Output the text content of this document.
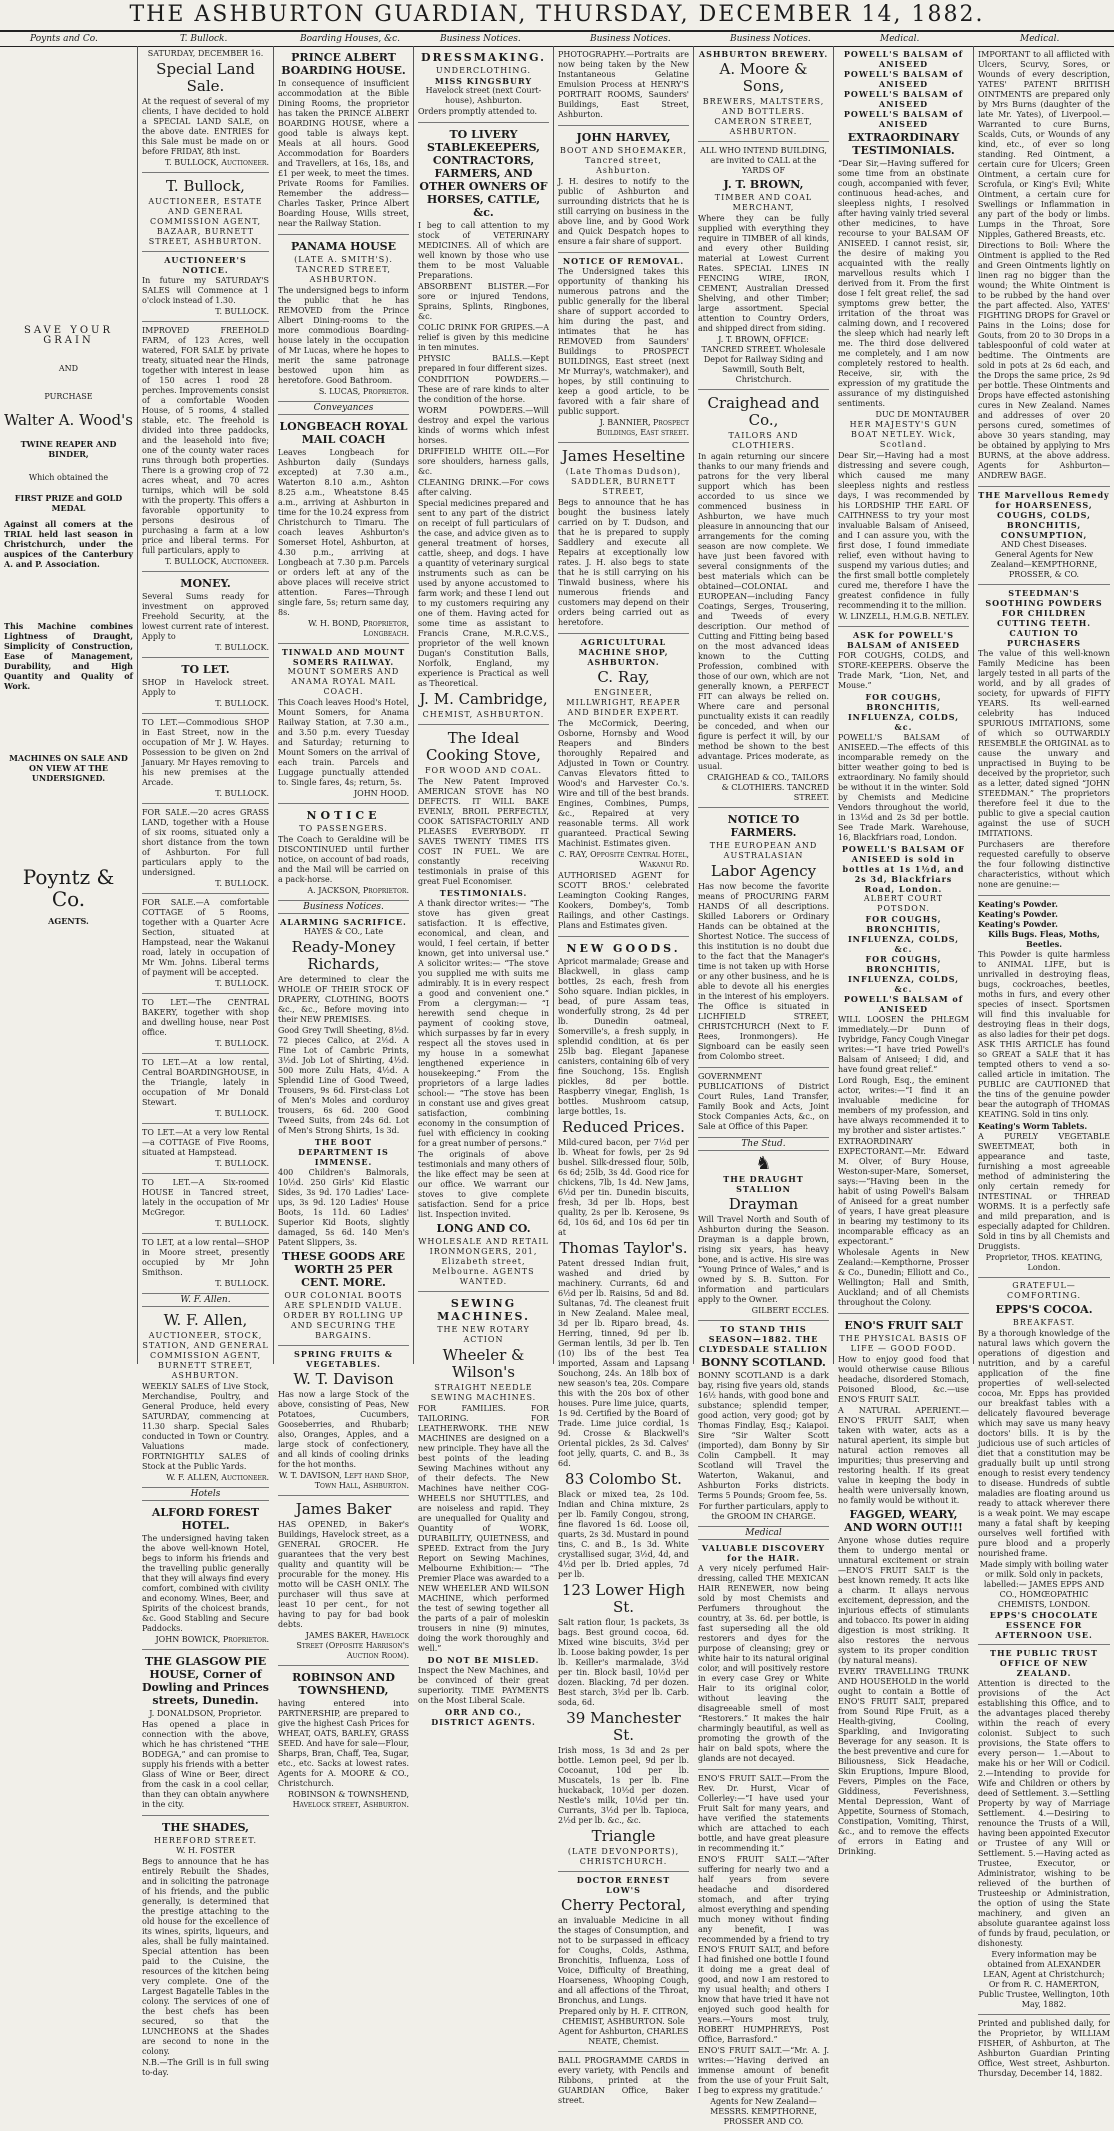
THE ASHBURTON GUARDIAN, THURSDAY, DECEMBER 14, 1882.
Poynts and Co.	T. Bullock.	Boarding Houses, &c.	Business Notices.	Business Notices.	Business Notices.	Medical.	Medical.
SAVE YOUR GRAIN
AND
PURCHASE
Walter A. Wood's
TWINE REAPER AND BINDER,
Which obtained the
FIRST PRIZE and GOLD MEDAL

Against all comers at the TRIAL held last season in Christchurch, under the auspices of the Canterbury A. and P. Association.

This Machine combines Lightness of Draught, Simplicity of Construction, Ease of Management, Durability, and High Quantity and Quality of Work.

MACHINES ON SALE AND ON VIEW AT THE UNDERSIGNED.

Poyntz & Co.
AGENTS.
SATURDAY, DECEMBER 16.
Special Land Sale.

At the request of several of my clients, I have decided to hold a SPECIAL LAND SALE, on the above date. ENTRIES for this Sale must be made on or before FRIDAY, 8th inst.

T. BULLOCK, Auctioneer.
T. Bullock,
AUCTIONEER, ESTATE AND GENERAL COMMISSION AGENT,
BAZAAR, BURNETT STREET, ASHBURTON.
AUCTIONEER'S NOTICE.

In future my SATURDAY'S SALES will Commence at 1 o'clock instead of 1.30.

T. BULLOCK.

IMPROVED FREEHOLD FARM, of 123 Acres, well watered, FOR SALE by private treaty, situated near the Hinds, together with interest in lease of 150 acres 1 rood 28 perches. Improvements consist of a comfortable Wooden House, of 5 rooms, 4 stalled stable, etc. The freehold is divided into three paddocks, and the leasehold into five; one of the county water races runs through both properties. There is a growing crop of 72 acres wheat, and 70 acres turnips, which will be sold with the property. This offers a favorable opportunity to persons desirous of purchasing a farm at a low price and liberal terms. For full particulars, apply to

T. BULLOCK, Auctioneer.
MONEY.

Several Sums ready for investment on approved Freehold Security, at the lowest current rate of interest. Apply to

T. BULLOCK.
TO LET.

SHOP in Havelock street. Apply to

T. BULLOCK.

TO LET.—Commodious SHOP in East Street, now in the occupation of Mr J. W. Hayes. Possession to be given on 2nd January. Mr Hayes removing to his new premises at the Arcade.

T. BULLOCK.

FOR SALE.—20 acres GRASS LAND, together with a House of six rooms, situated only a short distance from the town of Ashburton. For full particulars apply to the undersigned.

T. BULLOCK.

FOR SALE.—A comfortable COTTAGE of 5 Rooms, together with a Quarter Acre Section, situated at Hampstead, near the Wakanui road, lately in occupation of Mr Wm. Johns. Liberal terms of payment will be accepted.

T. BULLOCK.

TO LET.—The CENTRAL BAKERY, together with shop and dwelling house, near Post office.

T. BULLOCK.

TO LET.—At a low rental, Central BOARDINGHOUSE, in the Triangle, lately in occupation of Mr Donald Stewart.

T. BULLOCK.

TO LET.—At a very low Rental—a COTTAGE of Five Rooms, situated at Hampstead.

T. BULLOCK.

TO LET.—A Six-roomed HOUSE in Tancred street, lately in the occupation of Mr McGregor.

T. BULLOCK.

TO LET, at a low rental—SHOP in Moore street, presently occupied by Mr John Smithson.

T. BULLOCK.
W. F. Allen.
W. F. Allen,
AUCTIONEER, STOCK, STATION, AND GENERAL COMMISSION AGENT,
BURNETT STREET, ASHBURTON.

WEEKLY SALES of Live Stock, Merchandise, Poultry, and General Produce, held every SATURDAY, commencing at 11.30 sharp. Special Sales conducted in Town or Country. Valuations made. FORTNIGHTLY SALES of Stock at the Public Yards.

W. F. ALLEN, Auctioneer.
Hotels
ALFORD FOREST HOTEL.

The undersigned having taken the above well-known Hotel, begs to inform his friends and the travelling public generally that they will always find every comfort, combined with civility and economy. Wines, Beer, and Spirits of the choicest brands, &c. Good Stabling and Secure Paddocks.

JOHN BOWICK, Proprietor.
THE GLASGOW PIE HOUSE, Corner of Dowling and Princes streets, Dunedin.
J. DONALDSON, Proprietor.

Has opened a place in connection with the above, which he has christened “THE BODEGA,” and can promise to supply his friends with a better Glass of Wine or Beer, direct from the cask in a cool cellar, than they can obtain anywhere in the city.

THE SHADES,
HEREFORD STREET.
W. H. FOSTER

Begs to announce that he has entirely Rebuilt the Shades, and in soliciting the patronage of his friends, and the public generally, is determined that the prestige attaching to the old house for the excellence of its wines, spirits, liqueurs, and ales, shall be fully maintained. Special attention has been paid to the Cuisine, the resources of the kitchen being very complete. One of the Largest Bagatelle Tables in the colony. The services of one of the best chefs has been secured, so that the LUNCHEONS at the Shades are second to none in the colony.

N.B.—The Grill is in full swing to-day.

PRINCE ALBERT BOARDING HOUSE.

In consequence of insufficient accommodation at the Bible Dining Rooms, the proprietor has taken the PRINCE ALBERT BOARDING HOUSE, where a good table is always kept. Meals at all hours. Good Accommodation for Boarders and Travellers, at 16s, 18s, and £1 per week, to meet the times. Private Rooms for Families. Remember the address—Charles Tasker, Prince Albert Boarding House, Wills street, near the Railway Station.

PANAMA HOUSE
(LATE A. SMITH'S). TANCRED STREET, ASHBURTON.

The undersigned begs to inform the public that he has REMOVED from the Prince Albert Dining-rooms to the more commodious Boarding-house lately in the occupation of Mr Lucas, where he hopes to merit the same patronage bestowed upon him as heretofore. Good Bathroom.

S. LUCAS, Proprietor.
Conveyances
LONGBEACH ROYAL MAIL COACH

Leaves Longbeach for Ashburton daily (Sundays excepted) at 7.30 a.m., Waterton 8.10 a.m., Ashton 8.25 a.m., Wheatstone 8.45 a.m., arriving at Ashburton in time for the 10.24 express from Christchurch to Timaru. The coach leaves Ashburton's Somerset Hotel, Ashburton, at 4.30 p.m., arriving at Longbeach at 7.30 p.m. Parcels or orders left at any of the above places will receive strict attention. Fares—Through single fare, 5s; return same day, 8s.

W. H. BOND, Proprietor, Longbeach.
TINWALD AND MOUNT SOMERS RAILWAY.
MOUNT SOMERS AND ANAMA ROYAL MAIL COACH.

This Coach leaves Hood's Hotel, Mount Somers, for Anama Railway Station, at 7.30 a.m., and 3.50 p.m. every Tuesday and Saturday; returning to Mount Somers on the arrival of each train. Parcels and Luggage punctually attended to. Single fares, 4s; return, 5s.

JOHN HOOD.
NOTICE
TO PASSENGERS.

The Coach to Geraldine will be DISCONTINUED until further notice, on account of bad roads, and the Mail will be carried on a pack-horse.

A. JACKSON, Proprietor.
Business Notices.
ALARMING SACRIFICE.
HAYES & CO., Late
Ready-Money Richards,

Are determined to clear the WHOLE OF THEIR STOCK OF DRAPERY, CLOTHING, BOOTS &c., &c., Before moving into their NEW PREMISES.

Good Grey Twill Sheeting, 8½d. 72 pieces Calico, at 2½d. A Fine Lot of Cambric Prints, 3½d. Job Lot of Shirting, 4½d. 500 more Zulu Hats, 4½d. A Splendid Line of Good Tweed, Trousers, 9s 6d. First-class Lot of Men's Moles and corduroy trousers, 6s 6d. 200 Good Tweed Suits, from 24s 6d. Lot of Men's Strong Shirts, 1s 3d.

THE BOOT DEPARTMENT IS IMMENSE.

400 Children's Balmorals, 10½d. 250 Girls' Kid Elastic Sides, 3s 9d. 170 Ladies' Lace-ups, 3s 9d. 120 Ladies' House Boots, 1s 11d. 60 Ladies' Superior Kid Boots, slightly damaged, 5s 6d. 140 Men's Patent Slippers, 3s.

THESE GOODS ARE WORTH 25 PER CENT. MORE.
OUR COLONIAL BOOTS ARE SPLENDID VALUE.
ORDER BY ROLLING UP AND SECURING THE BARGAINS.
SPRING FRUITS & VEGETABLES.
W. T. Davison

Has now a large Stock of the above, consisting of Peas, New Potatoes, Cucumbers, Gooseberries, and Rhubarb; also, Oranges, Apples, and a large stock of confectionery, and all kinds of cooling drinks for the hot months.

W. T. DAVISON, Left hand Shop, Town Hall, Ashburton.
James Baker

HAS OPENED, in Baker's Buildings, Havelock street, as a GENERAL GROCER. He guarantees that the very best quality and quantity will be procurable for the money. His motto will be CASH ONLY. The purchaser will thus save at least 10 per cent., for not having to pay for bad book debts.

JAMES BAKER, Havelock Street (Opposite Harrison's Auction Room).
ROBINSON AND TOWNSHEND,

having entered into PARTNERSHIP, are prepared to give the highest Cash Prices for WHEAT, OATS, BARLEY, GRASS SEED. And have for sale—Flour, Sharps, Bran, Chaff, Tea, Sugar, etc., etc. Sacks at lowest rates. Agents for A. MOORE & CO., Christchurch.

ROBINSON & TOWNSHEND, Havelock street, Ashburton.
DRESSMAKING.
UNDERCLOTHING.
MISS KINGSBURY
Havelock street (next Court-house), Ashburton.

Orders promptly attended to.

TO LIVERY STABLEKEEPERS, CONTRACTORS, FARMERS, AND OTHER OWNERS OF HORSES, CATTLE, &c.

I beg to call attention to my stock of VETERINARY MEDICINES. All of which are well known by those who use them to be most Valuable Preparations.

ABSORBENT BLISTER.—For sore or injured Tendons, Sprains, Splints, Ringbones, &c.

COLIC DRINK FOR GRIPES.—A relief is given by this medicine in ten minutes.

PHYSIC BALLS.—Kept prepared in four different sizes.

CONDITION POWDERS.—These are of rare kinds to alter the condition of the horse.

WORM POWDERS.—Will destroy and expel the various kinds of worms which infest horses.

DRIFFIELD WHITE OIL.—For sore shoulders, harness galls, &c.

CLEANING DRINK.—For cows after calving.

Special medicines prepared and sent to any part of the district on receipt of full particulars of the case, and advice given as to general treatment of horses, cattle, sheep, and dogs. I have a quantity of veterinary surgical instruments such as can be used by anyone accustomed to farm work; and these I lend out to my customers requiring any one of them. Having acted for some time as assistant to Francis Crane, M.R.C.V.S., proprietor of the well known Dugan's Constitution Balls, Norfolk, England, my experience is Practical as well as Theoretical.

J. M. Cambridge,
CHEMIST, ASHBURTON.
The Ideal Cooking Stove,
FOR WOOD AND COAL.

The New Patent Improved AMERICAN STOVE has NO DEFECTS. IT WILL BAKE EVENLY, BROIL PERFECTLY, COOK SATISFACTORILY AND PLEASES EVERYBODY. IT SAVES TWENTY TIMES ITS COST IN FUEL. We are constantly receiving testimonials in praise of this great Fuel Economiser.

TESTIMONIALS.

A thank director writes:— “The stove has given great satisfaction. It is effective, economical, and clean, and would, I feel certain, if better known, get into universal use.” A solicitor writes:— “The stove you supplied me with suits me admirably. It is in every respect a good and convenient one.” From a clergyman:— “I herewith send cheque in payment of cooking stove, which surpasses by far in every respect all the stoves used in my house in a somewhat lengthened experience in housekeeping.” From the proprietors of a large ladies school:— “The stove has been in constant use and gives great satisfaction, combining economy in the consumption of fuel with efficiency in cooking for a great number of persons.”

The originals of above testimonials and many others of the like effect may be seen at our office. We warrant our stoves to give complete satisfaction. Send for a price list. Inspection invited.

LONG AND CO.
WHOLESALE AND RETAIL IRONMONGERS, 201, Elizabeth street, Melbourne. AGENTS WANTED.
SEWING MACHINES.
THE NEW ROTARY ACTION
Wheeler & Wilson's
STRAIGHT NEEDLE SEWING MACHINES.

FOR FAMILIES. FOR TAILORING. FOR LEATHERWORK. THE NEW MACHINES are designed on a new principle. They have all the best points of the leading Sewing Machines without any of their defects. The New Machines have neither COG-WHEELS nor SHUTTLES, and are noiseless and rapid. They are unequalled for Quality and Quantity of WORK, DURABILITY, QUIETNESS, and SPEED. Extract from the Jury Report on Sewing Machines, Melbourne Exhibition:— “The Premier Place was awarded to a NEW WHEELER AND WILSON MACHINE, which performed the test of sewing together all the parts of a pair of moleskin trousers in nine (9) minutes, doing the work thoroughly and well.”

DO NOT BE MISLED.

Inspect the New Machines, and be convinced of their great superiority. TIME PAYMENTS on the Most Liberal Scale.

ORR AND CO., DISTRICT AGENTS.

PHOTOGRAPHY.—Portraits are now being taken by the New Instantaneous Gelatine Emulsion Process at HENRY'S PORTRAIT ROOMS, Saunders' Buildings, East Street, Ashburton.

JOHN HARVEY,
BOOT AND SHOEMAKER, Tancred street, Ashburton.

J. H. desires to notify to the public of Ashburton and surrounding districts that he is still carrying on business in the above line, and by Good Work and Quick Despatch hopes to ensure a fair share of support.

NOTICE OF REMOVAL.

The Undersigned takes this opportunity of thanking his numerous patrons and the public generally for the liberal share of support accorded to him during the past, and intimates that he has REMOVED from Saunders' Buildings to PROSPECT BUILDINGS, East street (next Mr Murray's, watchmaker), and hopes, by still continuing to keep a good article, to be favored with a fair share of public support.

J. BANNIER, Prospect Buildings, East street.
James Heseltine
(Late Thomas Dudson), SADDLER, BURNETT STREET,

Begs to announce that he has bought the business lately carried on by T. Dudson, and that he is prepared to supply Saddlery and execute all Repairs at exceptionally low rates. J. H. also begs to state that he is still carrying on his Tinwald business, where his numerous friends and customers may depend on their orders being carried out as heretofore.

AGRICULTURAL MACHINE SHOP, ASHBURTON.
C. Ray,
ENGINEER, MILLWRIGHT, REAPER AND BINDER EXPERT.

The McCormick, Deering, Osborne, Hornsby and Wood Reapers and Binders thoroughly Repaired and Adjusted in Town or Country. Canvas Elevators fitted to Wood's and Harvester Co.'s. Wire and till of the best brands. Engines, Combines, Pumps, &c., Repaired at very reasonable terms. All work guaranteed. Practical Sewing Machinist. Estimates given.

C. RAY, Opposite Central Hotel, Wakanui Rd.

AUTHORISED AGENT for SCOTT BROS.' celebrated Leamington Cooking Ranges, Kookers, Dombey's, Tomb Railings, and other Castings. Plans and Estimates given.

NEW GOODS.

Apricot marmalade; Grease and Blackwell, in glass camp bottles, 2s each, fresh from Soho square. Indian pickles, in bead, of pure Assam teas, wonderfully strong, 2s 4d per lb. Dunedin oatmeal, Somerville's, a fresh supply, in splendid condition, at 6s per 25lb bag. Elegant Japanese canisters, containing 6lb of very fine Souchong, 15s. English pickles, 8d per bottle. Raspberry vinegar, English, 1s bottles. Mushroom catsup, large bottles, 1s.

Reduced Prices.

Mild-cured bacon, per 7½d per lb. Wheat for fowls, per 2s 9d bushel. Silk-dressed flour, 50lb, 6s 6d; 25lb, 3s 4d. Good rice for chickens, 7lb, 1s 4d. New Jams, 6½d per tin. Dunedin biscuits, fresh, 3d per lb. Hops, best quality, 2s per lb. Kerosene, 9s 6d, 10s 6d, and 10s 6d per tin at

Thomas Taylor's.

Patent dressed Indian fruit, washed and dried by machinery. Currants, 6d and 6½d per lb. Raisins, 5d and 8d. Sultanas, 7d. The cleanest fruit in New Zealand. Malee meal, 3d per lb. Riparo bread, 4s. Herring, tinned, 9d per lb. German lentils, 3d per lb. Ten (10) lbs of the best Tea imported, Assam and Lapsang Souchong, 24s. An 18lb box of new season's tea, 20s. Compare this with the 20s box of other houses. Pure lime juice, quarts, 1s 9d. Certified by the Board of Trade. Lime juice cordial, 1s 9d. Crosse & Blackwell's Oriental pickles, 2s 3d. Calves' foot jelly, quarts, C. and B., 3s 6d.

83 Colombo St.

Black or mixed tea, 2s 10d. Indian and China mixture, 2s per lb. Family Congou, strong, fine flavored 1s 6d. Loose oil, quarts, 2s 3d. Mustard in pound tins, C. and B., 1s 3d. White crystallised sugar, 3½d, 4d, and 4½d per lb. Dried apples, 7d per lb.

123 Lower High St.

Salt ration flour, 1s packets, 3s bags. Best ground cocoa, 6d. Mixed wine biscuits, 3½d per lb. Loose baking powder, 1s per lb. Keiller's marmalade, 3½d per tin. Block basil, 10½d per dozen. Blacking, 7d per dozen. Best starch, 3½d per lb. Carb. soda, 6d.

39 Manchester St.

Irish moss, 1s 3d and 2s per bottle. Lemon peel, 9d per lb. Cocoanut, 10d per lb. Muscatels, 1s per lb. Fine huckaback, 10½d per dozen. Nestle's milk, 10½d per tin. Currants, 3½d per lb. Tapioca, 2½d per lb. &c., &c.

Triangle
(LATE DEVONPORTS), CHRISTCHURCH.
DOCTOR ERNEST LOW'S
Cherry Pectoral,

an invaluable Medicine in all the stages of Consumption, and not to be surpassed in efficacy for Coughs, Colds, Asthma, Bronchitis, Influenza, Loss of Voice, Difficulty of Breathing, Hoarseness, Whooping Cough, and all affections of the Throat, Bronchus, and Lungs.

Prepared only by H. F. CITRON, CHEMIST, ASHBURTON. Sole Agent for Ashburton, CHARLES NEATE, Chemist.

BALL PROGRAMME CARDS in every variety, with Pencils and Ribbons, printed at the GUARDIAN Office, Baker street.

ASHBURTON BREWERY.
A. Moore & Sons,
BREWERS, MALTSTERS, AND BOTTLERS.
CAMERON STREET, ASHBURTON.

ALL WHO INTEND BUILDING, are invited to CALL at the YARDS OF

J. T. BROWN,
TIMBER AND COAL MERCHANT,

Where they can be fully supplied with everything they require in TIMBER of all kinds, and every other Building material at Lowest Current Rates. SPECIAL LINES IN FENCING WIRE, IRON, CEMENT, Australian Dressed Shelving, and other Timber; large assortment. Special attention to Country Orders, and shipped direct from siding.

J. T. BROWN, OFFICE: TANCRED STREET. Wholesale Depot for Railway Siding and Sawmill, South Belt, Christchurch.
Craighead and Co.,
TAILORS AND CLOTHIERS.

In again returning our sincere thanks to our many friends and patrons for the very liberal support which has been accorded to us since we commenced business in Ashburton, we have much pleasure in announcing that our arrangements for the coming season are now complete. We have just been favored with several consignments of the best materials which can be obtained—COLONIAL and EUROPEAN—including Fancy Coatings, Serges, Trousering, and Tweeds of every description. Our method of Cutting and Fitting being based on the most advanced ideas known to the Cutting Profession, combined with those of our own, which are not generally known, a PERFECT FIT can always be relied on. Where care and personal punctuality exists it can readily be conceded, and when our figure is perfect it will, by our method be shown to the best advantage. Prices moderate, as usual.

CRAIGHEAD & CO., TAILORS & CLOTHIERS. TANCRED STREET.
NOTICE TO FARMERS.
THE EUROPEAN AND AUSTRALASIAN
Labor Agency

Has now become the favorite means of PROCURING FARM HANDS Of all descriptions. Skilled Laborers or Ordinary Hands can be obtained at the Shortest Notice. The success of this institution is no doubt due to the fact that the Manager's time is not taken up with Horse or any other business, and he is able to devote all his energies in the interest of his employers. The Office is situated in LICHFIELD STREET, CHRISTCHURCH (Next to F. Rees, Ironmongers). He Signboard can be easily seen from Colombo street.

GOVERNMENT PUBLICATIONS of District Court Rules, Land Transfer, Family Book and Acts, Joint Stock Companies Acts, &c., on Sale at Office of this Paper.

The Stud.
♞
THE DRAUGHT STALLION
Drayman

Will Travel North and South of Ashburton during the Season. Drayman is a dapple brown, rising six years, has heavy bone, and is active. His sire was “Young Prince of Wales,” and is owned by S. B. Sutton. For information and particulars apply to the Owner.

GILBERT ECCLES.
TO STAND THIS SEASON—1882. THE CLYDESDALE STALLION
BONNY SCOTLAND.

BONNY SCOTLAND is a dark bay, rising five years old, stands 16½ hands, with good bone and substance; splendid temper, good action, very good; got by Thomas Findlay, Esq.; Kaiapoi. Sire “Sir Walter Scott (imported), dam Bonny by Sir Colin Campbell. It may Scotland will Travel the Waterton, Wakanui, and Ashburton Forks districts. Terms 5 Pounds; Groom fee, 5s.

For further particulars, apply to the GROOM IN CHARGE.
Medical
VALUABLE DISCOVERY for the HAIR.

A very nicely perfumed Hair-dressing, called THE MEXICAN HAIR RENEWER, now being sold by most Chemists and Perfumers throughout the country, at 3s. 6d. per bottle, is fast superseding all the old restorers and dyes for the purpose of cleansing; grey or white hair to its natural original color, and will positively restore in every case Grey or White Hair to its original color, without leaving the disagreeable smell of most “Restorers.” It makes the hair charmingly beautiful, as well as promoting the growth of the hair on bald spots, where the glands are not decayed.

ENO'S FRUIT SALT.—From the Rev. Dr. Hurst, Vicar of Collerley:—“I have used your Fruit Salt for many years, and have verified the statements which are attached to each bottle, and have great pleasure in recommending it.”

ENO'S FRUIT SALT.—“After suffering for nearly two and a half years from severe headache and disordered stomach, and after trying almost everything and spending much money without finding any benefit, I was recommended by a friend to try ENO'S FRUIT SALT, and before I had finished one bottle I found it doing me a great deal of good, and now I am restored to my usual health; and others I know that have tried it have not enjoyed such good health for years.—Yours most truly, ROBERT HUMPHREYS, Post Office, Barrasford.”

ENO'S FRUIT SALT.—“Mr. A. J. writes:—‘Having derived an immense amount of benefit from the use of your Fruit Salt, I beg to express my gratitude.’

Agents for New Zealand—MESSRS. KEMPTHORNE, PROSSER AND CO.
POWELL'S BALSAM of ANISEED
POWELL'S BALSAM of ANISEED
POWELL'S BALSAM of ANISEED
POWELL'S BALSAM of ANISEED
EXTRAORDINARY TESTIMONIALS.

“Dear Sir,—Having suffered for some time from an obstinate cough, accompanied with fever, continuous head-aches, and sleepless nights, I resolved after having vainly tried several other medicines, to have recourse to your BALSAM OF ANISEED. I cannot resist, sir, the desire of making you acquainted with the really marvellous results which I derived from it. From the first dose I felt great relief, the sad symptoms grew better, the irritation of the throat was calming down, and I recovered the sleep which had nearly left me. The third dose delivered me completely, and I am now completely restored to health. Receive, sir, with the expression of my gratitude the assurance of my distinguished sentiments.

DUC DE MONTAUBER
HER MAJESTY'S GUN BOAT NETLEY. Wick, Scotland.

Dear Sir,—Having had a most distressing and severe cough, which caused me many sleepless nights and restless days, I was recommended by his LORDSHIP THE EARL OF CAITHNESS to try your most invaluable Balsam of Aniseed, and I can assure you, with the first dose, I found immediate relief, even without having to suspend my various duties; and the first small bottle completely cured me, therefore I have the greatest confidence in fully recommending it to the million.

W. LINZELL, H.M.G.B. NETLEY.
ASK for POWELL'S BALSAM of ANISEED

FOR COUGHS, COLDS, and STORE-KEEPERS. Observe the Trade Mark, “Lion, Net, and Mouse.”

FOR COUGHS, BRONCHITIS, INFLUENZA, COLDS, &c.

POWELL'S BALSAM of ANISEED.—The effects of this incomparable remedy on the bitter weather going to bed is extraordinary. No family should be without it in the winter. Sold by Chemists and Medicine Vendors throughout the world, in 13½d and 2s 3d per bottle. See Trade Mark. Warehouse, 16, Blackfriars road, London.

POWELL'S BALSAM OF ANISEED is sold in bottles at 1s 1½d, and 2s 3d, Blackfriars Road, London.
ALBERT COURT POTSDON.
FOR COUGHS, BRONCHITIS, INFLUENZA, COLDS, &c.
FOR COUGHS, BRONCHITIS, INFLUENZA, COLDS, &c.
POWELL'S BALSAM of ANISEED

WILL LOOSEN the PHLEGM immediately.—Dr Dunn of Ivybridge, Fancy Cough Vinegar writes:—“I have tried Powell's Balsam of Aniseed; I did, and have found great relief.”

Lord Rough, Esq., the eminent actor, writes:—“I find it an invaluable medicine for members of my profession, and have always recommended it to my brother and sister artistes.”

EXTRAORDINARY EXPECTORANT.—Mr. Edward M. Olver, of Bury House, Weston-super-Mare, Somerset, says:—“Having been in the habit of using Powell's Balsam of Aniseed for a great number of years, I have great pleasure in bearing my testimony to its incomparable efficacy as an expectorant.”

Wholesale Agents in New Zealand:—Kempthorne, Prosser & Co., Dunedin; Elliott and Co., Wellington; Hall and Smith, Auckland; and of all Chemists throughout the Colony.

ENO'S FRUIT SALT
THE PHYSICAL BASIS OF LIFE — GOOD FOOD.

How to enjoy good food that would otherwise cause Bilious headache, disordered Stomach, Poisoned Blood, &c.—use ENO'S FRUIT SALT.

A NATURAL APERIENT.—ENO'S FRUIT SALT, when taken with water, acts as a natural aperient, its simple but natural action removes all impurities; thus preserving and restoring health. If its great value in keeping the body in health were universally known, no family would be without it.

FAGGED, WEARY, AND WORN OUT!!!

Anyone whose duties require them to undergo mental or unnatural excitement or strain—ENO'S FRUIT SALT is the best known remedy. It acts like a charm. It allays nervous excitement, depression, and the injurious effects of stimulants and tobacco. Its power in aiding digestion is most striking. It also restores the nervous system to its proper condition (by natural means).

EVERY TRAVELLING TRUNK AND HOUSEHOLD in the world ought to contain a Bottle of ENO'S FRUIT SALT, prepared from Sound Ripe Fruit, as a Health-giving, Cooling, Sparkling, and Invigorating Beverage for any season. It is the best preventive and cure for Biliousness, Sick Headache, Skin Eruptions, Impure Blood, Fevers, Pimples on the Face, Giddiness, Feverishness, Mental Depression, Want of Appetite, Sourness of Stomach, Constipation, Vomiting, Thirst, &c., and to remove the effects of errors in Eating and Drinking.

IMPORTANT to all afflicted with Ulcers, Scurvy, Sores, or Wounds of every description, YATES' PATENT BRITISH OINTMENTS are prepared only by Mrs Burns (daughter of the late Mr. Yates), of Liverpool.—Warranted to cure Burns, Scalds, Cuts, or Wounds of any kind, etc., of ever so long standing. Red Ointment, a certain cure for Ulcers; Green Ointment, a certain cure for Scrofula, or King's Evil; White Ointment, a certain cure for Swellings or Inflammation in any part of the body or limbs. Lumps in the Throat, Sore Nipples, Gathered Breasts, etc.

Directions to Boil: Where the Ointment is applied to the Red and Green Ointments lightly on linen rag no bigger than the wound; the White Ointment is to be rubbed by the hand over the part affected. Also, YATES' FIGHTING DROPS for Gravel or Pains in the Loins; dose for Gouts, from 20 to 30 Drops in a tablespoonful of cold water at bedtime. The Ointments are sold in pots at 2s 6d each, and the Drops the same price, 2s 9d per bottle. These Ointments and Drops have effected astonishing cures in New Zealand. Names and addresses of over 20 persons cured, sometimes of above 30 years standing, may be obtained by applying to Mrs BURNS, at the above address. Agents for Ashburton—ANDREW BAGE.

THE Marvellous Remedy for HOARSENESS, COUGHS, COLDS, BRONCHITIS, CONSUMPTION,
AND Chest Diseases.
General Agents for New Zealand—KEMPTHORNE, PROSSER, & CO.
STEEDMAN'S SOOTHING POWDERS FOR CHILDREN CUTTING TEETH.
CAUTION TO PURCHASERS

The value of this well-known Family Medicine has been largely tested in all parts of the world, and by all grades of society, for upwards of FIFTY YEARS. Its well-earned celebrity has induced SPURIOUS IMITATIONS, some of which so OUTWARDLY RESEMBLE the ORIGINAL as to cause the unwary and unpractised in Buying to be deceived by the proprietor, such as a letter, dated signed “JOHN STEEDMAN.” The proprietors therefore feel it due to the public to give a special caution against the use of SUCH IMITATIONS.

Purchasers are therefore requested carefully to observe the four following distinctive characteristics, without which none are genuine:—

Keating's Powder.
Keating's Powder.
Keating's Powder.
Kills Bugs. Fleas, Moths, Beetles.

This Powder is quite harmless to ANIMAL LIFE, but is unrivalled in destroying fleas, bugs, cockroaches, beetles, moths in furs, and every other species of insect. Sportsmen will find this invaluable for destroying fleas in their dogs, as also ladies for their pet dogs. ASK THIS ARTICLE has found so GREAT a SALE that it has tempted others to vend a so-called article in imitation. The PUBLIC are CAUTIONED that the tins of the genuine powder bear the autograph of THOMAS KEATING. Sold in tins only.

Keating's Worm Tablets.

A PURELY VEGETABLE SWEETMEAT, both in appearance and taste, furnishing a most agreeable method of administering the only certain remedy for INTESTINAL or THREAD WORMS. It is a perfectly safe and mild preparation, and is especially adapted for Children. Sold in tins by all Chemists and Druggists.

Proprietor, THOS. KEATING, London.
GRATEFUL—COMFORTING.
EPPS'S COCOA.
BREAKFAST.

By a thorough knowledge of the natural laws which govern the operations of digestion and nutrition, and by a careful application of the fine properties of well-selected cocoa, Mr. Epps has provided our breakfast tables with a delicately flavoured beverage which may save us many heavy doctors' bills. It is by the judicious use of such articles of diet that a constitution may be gradually built up until strong enough to resist every tendency to disease. Hundreds of subtle maladies are floating around us ready to attack wherever there is a weak point. We may escape many a fatal shaft by keeping ourselves well fortified with pure blood and a properly nourished frame.

Made simply with boiling water or milk. Sold only in packets, labelled:— JAMES EPPS AND CO., HOMŒOPATHIC CHEMISTS, LONDON.
EPPS'S CHOCOLATE ESSENCE FOR AFTERNOON USE.
THE PUBLIC TRUST OFFICE OF NEW ZEALAND.

Attention is directed to the provisions of the Act establishing this Office, and to the advantages placed thereby within the reach of every colonist. Subject to such provisions, the State offers to every person— 1.—About to make his or her Will or Codicil. 2.—Intending to provide for Wife and Children or others by deed of Settlement. 3.—Settling Property by way of Marriage Settlement. 4.—Desiring to renounce the Trusts of a Will, having been appointed Executor or Trustee of any Will or Settlement. 5.—Having acted as Trustee, Executor, or Administrator, wishing to be relieved of the burthen of Trusteeship or Administration, the option of using the State machinery, and given an absolute guarantee against loss of funds by fraud, peculation, or dishonesty.

Every information may be obtained from ALEXANDER LEAN, Agent at Christchurch; Or from R. C. HAMERTON, Public Trustee, Wellington, 10th May, 1882.

Printed and published daily, for the Proprietor, by WILLIAM FISHER, of Ashburton, at The Ashburton Guardian Printing Office, West street, Ashburton. Thursday, December 14, 1882.
